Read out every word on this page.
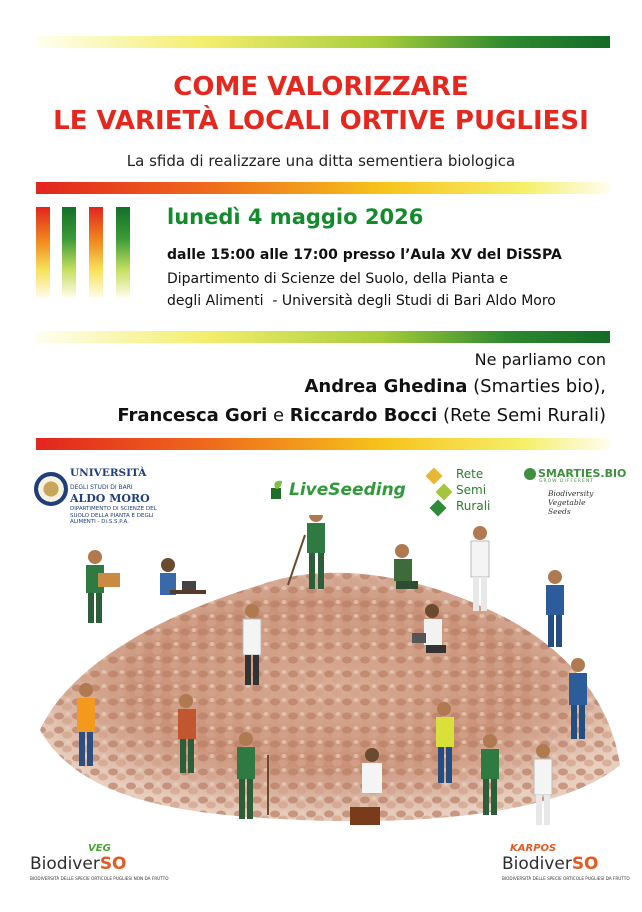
COME VALORIZZARE
LE VARIETÀ LOCALI ORTIVE PUGLIESI
La sfida di realizzare una ditta sementiera biologica
lunedì 4 maggio 2026
dalle 15:00 alle 17:00 presso l’Aula XV del DiSSPA
Dipartimento di Scienze del Suolo, della Pianta e
degli Alimenti  - Università degli Studi di Bari Aldo Moro
Ne parliamo con
Andrea Ghedina (Smarties bio),
Francesca Gori e Riccardo Bocci (Rete Semi Rurali)
UNIVERSITÀ
DEGLI STUDI DI BARI
ALDO MORO
DIPARTIMENTO DI SCIENZE DEL SUOLO DELLA PIANTA E DEGLI ALIMENTI - Di.S.S.P.A.
LiveSeeding
Rete
Semi
Rurali
SMARTIES.BIO
GROW DIFFERENT
Biodiversity Vegetable Seeds
VEG
BiodiverSO
BIODIVERSITÀ DELLE SPECIE ORTICOLE PUGLIESI NON DA FRUTTO
KARPOS
BiodiverSO
BIODIVERSITÀ DELLE SPECIE ORTICOLE PUGLIESI DA FRUTTO
